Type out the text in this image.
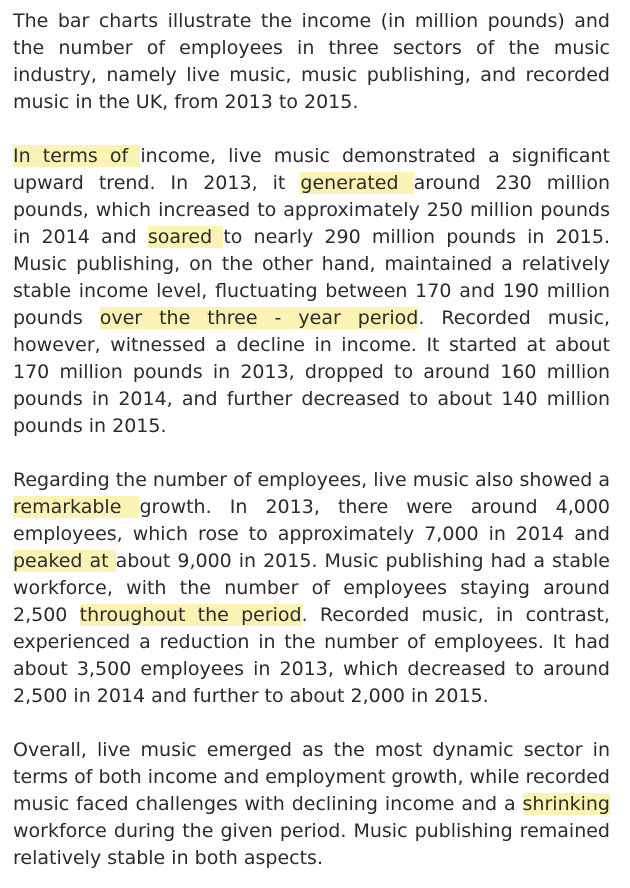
The bar charts illustrate the income (in million pounds) and the number of employees in three sectors of the music industry, namely live music, music publishing, and recorded music in the UK, from 2013 to 2015.

In terms of income, live music demonstrated a significant upward trend. In 2013, it generated around 230 million pounds, which increased to approximately 250 million pounds in 2014 and soared to nearly 290 million pounds in 2015. Music publishing, on the other hand, maintained a relatively stable income level, fluctuating between 170 and 190 million pounds over the three - year period. Recorded music, however, witnessed a decline in income. It started at about 170 million pounds in 2013, dropped to around 160 million pounds in 2014, and further decreased to about 140 million pounds in 2015.

Regarding the number of employees, live music also showed a remarkable growth. In 2013, there were around 4,000 employees, which rose to approximately 7,000 in 2014 and peaked at about 9,000 in 2015. Music publishing had a stable workforce, with the number of employees staying around 2,500 throughout the period. Recorded music, in contrast, experienced a reduction in the number of employees. It had about 3,500 employees in 2013, which decreased to around 2,500 in 2014 and further to about 2,000 in 2015.

Overall, live music emerged as the most dynamic sector in terms of both income and employment growth, while recorded music faced challenges with declining income and a shrinking workforce during the given period. Music publishing remained relatively stable in both aspects.
